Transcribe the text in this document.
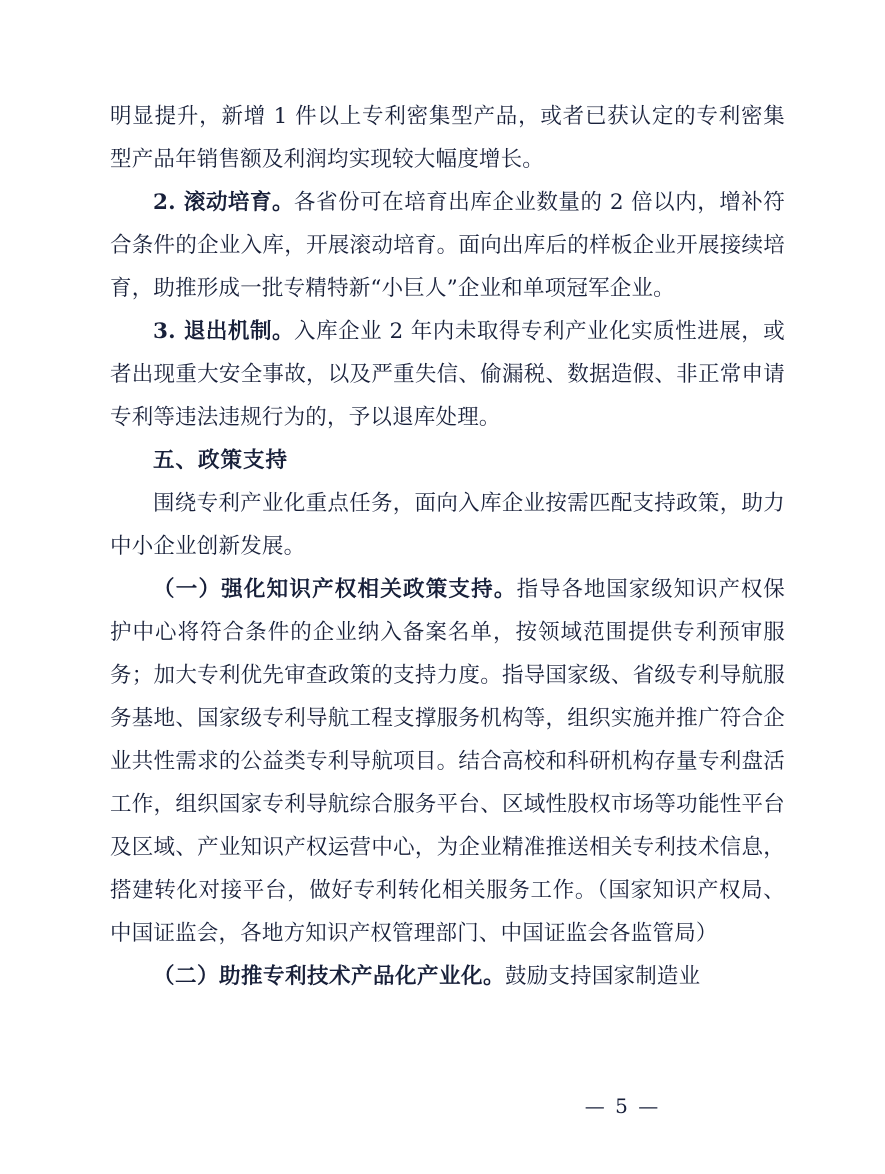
明显提升，新增 1 件以上专利密集型产品，或者已获认定的专利密集型产品年销售额及利润均实现较大幅度增长。

2. 滚动培育。各省份可在培育出库企业数量的 2 倍以内，增补符合条件的企业入库，开展滚动培育。面向出库后的样板企业开展接续培育，助推形成一批专精特新“小巨人”企业和单项冠军企业。

3. 退出机制。入库企业 2 年内未取得专利产业化实质性进展，或者出现重大安全事故，以及严重失信、偷漏税、数据造假、非正常申请专利等违法违规行为的，予以退库处理。

五、政策支持

围绕专利产业化重点任务，面向入库企业按需匹配支持政策，助力中小企业创新发展。

（一）强化知识产权相关政策支持。指导各地国家级知识产权保护中心将符合条件的企业纳入备案名单，按领域范围提供专利预审服务；加大专利优先审查政策的支持力度。指导国家级、省级专利导航服务基地、国家级专利导航工程支撑服务机构等，组织实施并推广符合企业共性需求的公益类专利导航项目。结合高校和科研机构存量专利盘活工作，组织国家专利导航综合服务平台、区域性股权市场等功能性平台及区域、产业知识产权运营中心，为企业精准推送相关专利技术信息，搭建转化对接平台，做好专利转化相关服务工作。（国家知识产权局、中国证监会，各地方知识产权管理部门、中国证监会各监管局）

（二）助推专利技术产品化产业化。鼓励支持国家制造业

— 5 —
